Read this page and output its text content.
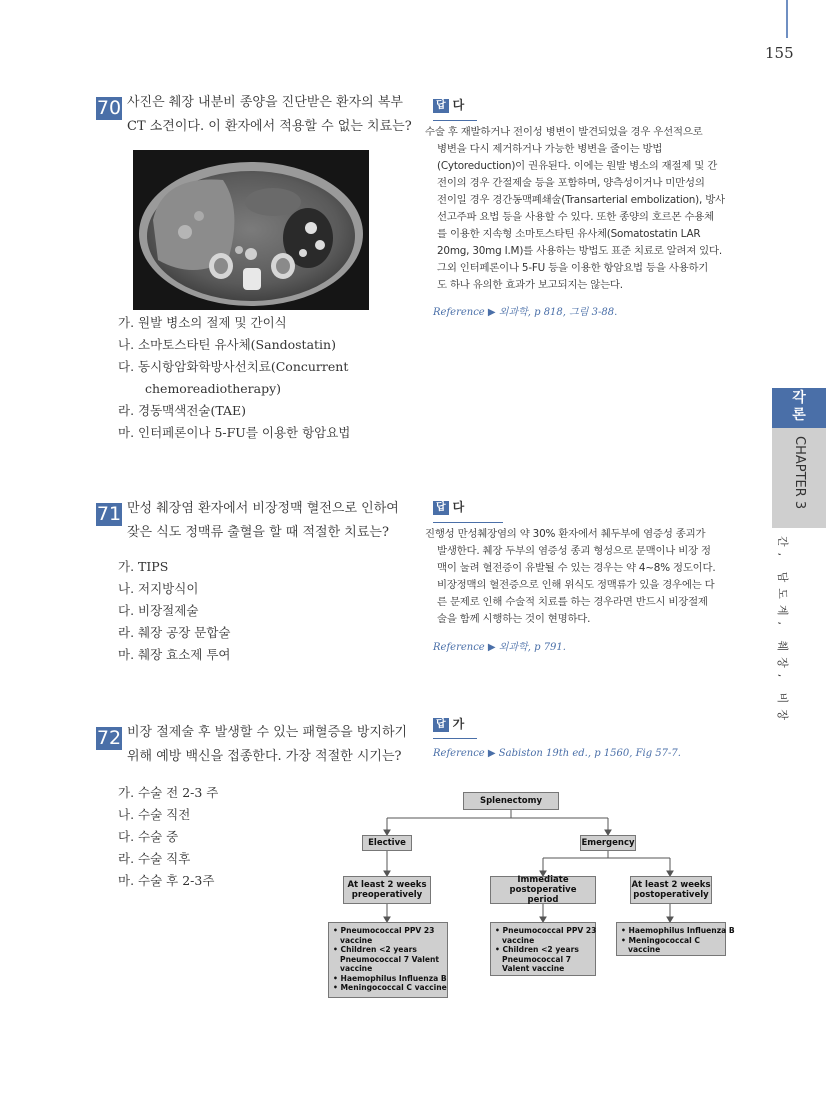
155
각론
CHAPTER 3
간, 담도계, 췌장, 비장
70 사진은 췌장 내분비 종양을 진단받은 환자의 복부
CT 소견이다. 이 환자에서 적용할 수 없는 치료는?
가. 원발 병소의 절제 및 간이식
나. 소마토스타틴 유사체(Sandostatin)
다. 동시항암화학방사선치료(Concurrent
chemoreadiotherapy)
라. 경동맥색전술(TAE)
마. 인터페론이나 5-FU를 이용한 항암요법
답 다
수술 후 재발하거나 전이성 병변이 발견되었을 경우 우선적으로
병변을 다시 제거하거나 가능한 병변을 줄이는 방법
(Cytoreduction)이 권유된다. 이에는 원발 병소의 재절제 및 간
전이의 경우 간절제술 등을 포함하며, 양측성이거나 미만성의
전이일 경우 경간동맥폐쇄술(Transarterial embolization), 방사
선고주파 요법 등을 사용할 수 있다. 또한 종양의 호르몬 수용체
를 이용한 지속형 소마토스타틴 유사체(Somatostatin LAR
20mg, 30mg I.M)를 사용하는 방법도 표준 치료로 알려져 있다.
그외 인터페론이나 5-FU 등을 이용한 항암요법 등을 사용하기
도 하나 유의한 효과가 보고되지는 않는다.
Reference ▶ 외과학, p 818, 그림 3-88.
71 만성 췌장염 환자에서 비장정맥 혈전으로 인하여
잦은 식도 정맥류 출혈을 할 때 적절한 치료는?
가. TIPS
나. 저지방식이
다. 비장절제술
라. 췌장 공장 문합술
마. 췌장 효소제 투여
답 다
진행성 만성췌장염의 약 30% 환자에서 췌두부에 염증성 종괴가
발생한다. 췌장 두부의 염증성 종괴 형성으로 문맥이나 비장 정
맥이 눌려 혈전증이 유발될 수 있는 경우는 약 4~8% 정도이다.
비장정맥의 혈전증으로 인해 위식도 정맥류가 있을 경우에는 다
른 문제로 인해 수술적 치료를 하는 경우라면 반드시 비장절제
술을 함께 시행하는 것이 현명하다.
Reference ▶ 외과학, p 791.
72 비장 절제술 후 발생할 수 있는 패혈증을 방지하기
위해 예방 백신을 접종한다. 가장 적절한 시기는?
가. 수술 전 2-3 주
나. 수술 직전
다. 수술 중
라. 수술 직후
마. 수술 후 2-3주
답 가
Reference ▶ Sabiston 19th ed., p 1560, Fig 57-7.
Splenectomy
Elective	Emergency
At least 2 weeks
preoperatively
Immediate postoperative
period
At least 2 weeks
postoperatively
• Pneumococcal PPV 23
vaccine
• Children <2 years
Pneumococcal 7 Valent
vaccine
• Haemophilus Influenza B
• Meningococcal C vaccine
• Pneumococcal PPV 23
vaccine
• Children <2 years
Pneumococcal 7
Valent vaccine
• Haemophilus Influenza B
• Meningococcal C
vaccine
